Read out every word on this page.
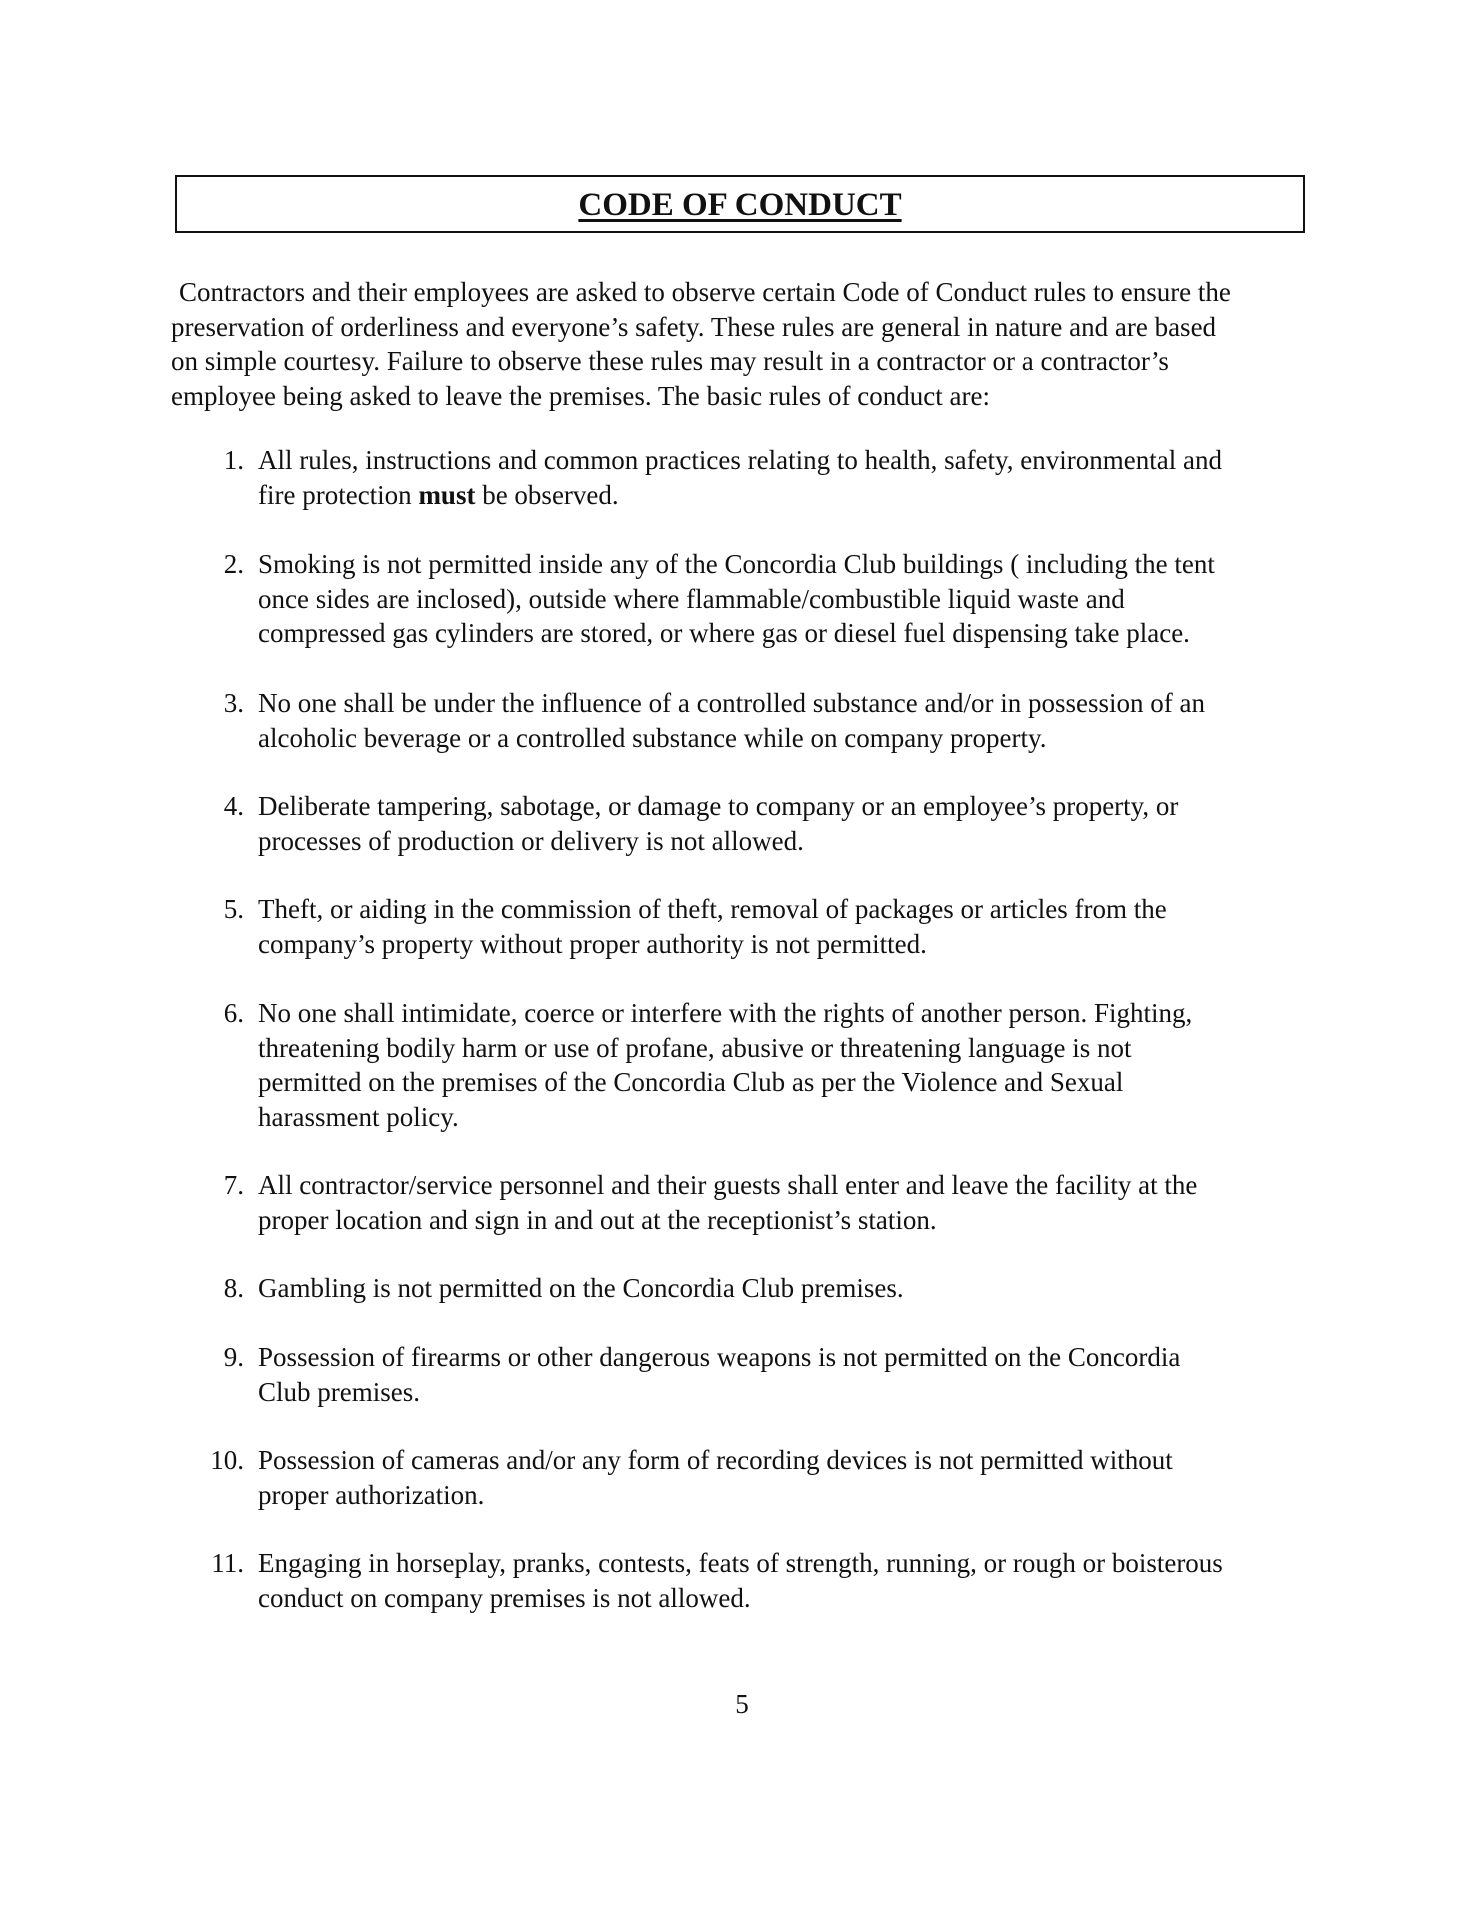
CODE OF CONDUCT

Contractors and their employees are asked to observe certain Code of Conduct rules to ensure the
preservation of orderliness and everyone’s safety. These rules are general in nature and are based
on simple courtesy. Failure to observe these rules may result in a contractor or a contractor’s
employee being asked to leave the premises. The basic rules of conduct are:

1. All rules, instructions and common practices relating to health, safety, environmental and
fire protection must be observed.
2. Smoking is not permitted inside any of the Concordia Club buildings ( including the tent
once sides are inclosed), outside where flammable/combustible liquid waste and
compressed gas cylinders are stored, or where gas or diesel fuel dispensing take place.
3. No one shall be under the influence of a controlled substance and/or in possession of an
alcoholic beverage or a controlled substance while on company property.
4. Deliberate tampering, sabotage, or damage to company or an employee’s property, or
processes of production or delivery is not allowed.
5. Theft, or aiding in the commission of theft, removal of packages or articles from the
company’s property without proper authority is not permitted.
6. No one shall intimidate, coerce or interfere with the rights of another person. Fighting,
threatening bodily harm or use of profane, abusive or threatening language is not
permitted on the premises of the Concordia Club as per the Violence and Sexual
harassment policy.
7. All contractor/service personnel and their guests shall enter and leave the facility at the
proper location and sign in and out at the receptionist’s station.
8. Gambling is not permitted on the Concordia Club premises.
9. Possession of firearms or other dangerous weapons is not permitted on the Concordia
Club premises.
10. Possession of cameras and/or any form of recording devices is not permitted without
proper authorization.
11. Engaging in horseplay, pranks, contests, feats of strength, running, or rough or boisterous
conduct on company premises is not allowed.
5
